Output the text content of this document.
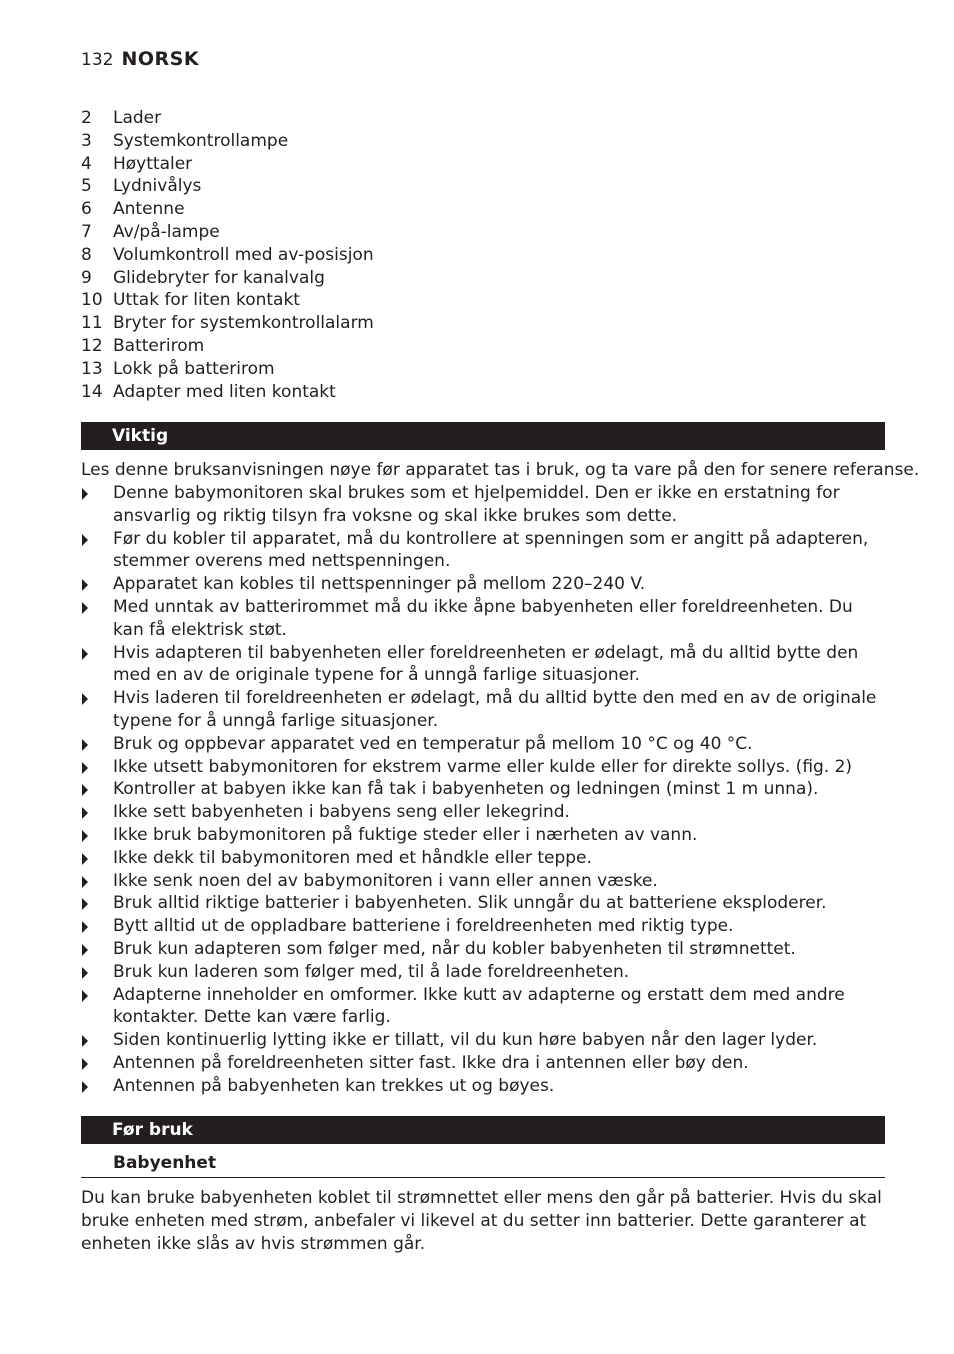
132 NORSK
2	Lader
3	Systemkontrollampe
4	Høyttaler
5	Lydnivålys
6	Antenne
7	Av/på-lampe
8	Volumkontroll med av-posisjon
9	Glidebryter for kanalvalg
10 Uttak for liten kontakt
11 Bryter for systemkontrollalarm
12 Batterirom
13 Lokk på batterirom
14 Adapter med liten kontakt
Viktig
Les denne bruksanvisningen nøye før apparatet tas i bruk, og ta vare på den for senere referanse.
Denne babymonitoren skal brukes som et hjelpemiddel. Den er ikke en erstatning for ansvarlig og riktig tilsyn fra voksne og skal ikke brukes som dette.
Før du kobler til apparatet, må du kontrollere at spenningen som er angitt på adapteren, stemmer overens med nettspenningen.
Apparatet kan kobles til nettspenninger på mellom 220–240 V.
Med unntak av batterirommet må du ikke åpne babyenheten eller foreldreenheten. Du kan få elektrisk støt.
Hvis adapteren til babyenheten eller foreldreenheten er ødelagt, må du alltid bytte den med en av de originale typene for å unngå farlige situasjoner.
Hvis laderen til foreldreenheten er ødelagt, må du alltid bytte den med en av de originale typene for å unngå farlige situasjoner.
Bruk og oppbevar apparatet ved en temperatur på mellom 10 °C og 40 °C.
Ikke utsett babymonitoren for ekstrem varme eller kulde eller for direkte sollys. (fig. 2)
Kontroller at babyen ikke kan få tak i babyenheten og ledningen (minst 1 m unna).
Ikke sett babyenheten i babyens seng eller lekegrind.
Ikke bruk babymonitoren på fuktige steder eller i nærheten av vann.
Ikke dekk til babymonitoren med et håndkle eller teppe.
Ikke senk noen del av babymonitoren i vann eller annen væske.
Bruk alltid riktige batterier i babyenheten. Slik unngår du at batteriene eksploderer.
Bytt alltid ut de oppladbare batteriene i foreldreenheten med riktig type.
Bruk kun adapteren som følger med, når du kobler babyenheten til strømnettet.
Bruk kun laderen som følger med, til å lade foreldreenheten.
Adapterne inneholder en omformer. Ikke kutt av adapterne og erstatt dem med andre kontakter. Dette kan være farlig.
Siden kontinuerlig lytting ikke er tillatt, vil du kun høre babyen når den lager lyder.
Antennen på foreldreenheten sitter fast. Ikke dra i antennen eller bøy den.
Antennen på babyenheten kan trekkes ut og bøyes.
Før bruk
Babyenhet
Du kan bruke babyenheten koblet til strømnettet eller mens den går på batterier. Hvis du skal bruke enheten med strøm, anbefaler vi likevel at du setter inn batterier. Dette garanterer at enheten ikke slås av hvis strømmen går.
